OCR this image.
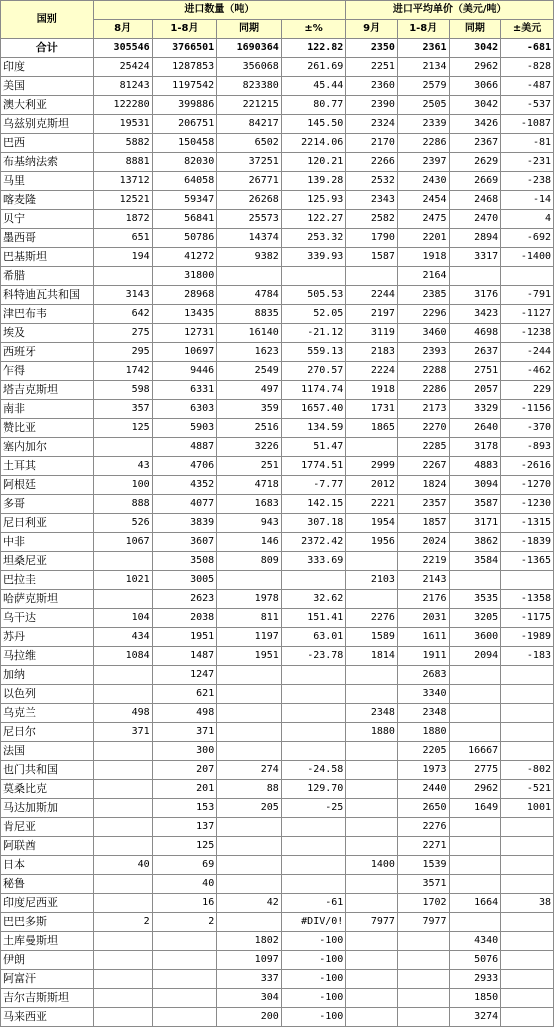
国别	进口数量（吨）				进口平均单价（美元/吨）			
	8月	1-8月	同期	±%	9月	1-8月	同期	±美元
合计	305546	3766501	1690364	122.82	2350	2361	3042	-681
印度	25424	1287853	356068	261.69	2251	2134	2962	-828
美国	81243	1197542	823380	45.44	2360	2579	3066	-487
澳大利亚	122280	399886	221215	80.77	2390	2505	3042	-537
乌兹别克斯坦	19531	206751	84217	145.50	2324	2339	3426	-1087
巴西	5882	150458	6502	2214.06	2170	2286	2367	-81
布基纳法索	8881	82030	37251	120.21	2266	2397	2629	-231
马里	13712	64058	26771	139.28	2532	2430	2669	-238
喀麦隆	12521	59347	26268	125.93	2343	2454	2468	-14
贝宁	1872	56841	25573	122.27	2582	2475	2470	4
墨西哥	651	50786	14374	253.32	1790	2201	2894	-692
巴基斯坦	194	41272	9382	339.93	1587	1918	3317	-1400
希腊		31800				2164		
科特迪瓦共和国	3143	28968	4784	505.53	2244	2385	3176	-791
津巴布韦	642	13435	8835	52.05	2197	2296	3423	-1127
埃及	275	12731	16140	-21.12	3119	3460	4698	-1238
西班牙	295	10697	1623	559.13	2183	2393	2637	-244
乍得	1742	9446	2549	270.57	2224	2288	2751	-462
塔吉克斯坦	598	6331	497	1174.74	1918	2286	2057	229
南非	357	6303	359	1657.40	1731	2173	3329	-1156
赞比亚	125	5903	2516	134.59	1865	2270	2640	-370
塞内加尔		4887	3226	51.47		2285	3178	-893
土耳其	43	4706	251	1774.51	2999	2267	4883	-2616
阿根廷	100	4352	4718	-7.77	2012	1824	3094	-1270
多哥	888	4077	1683	142.15	2221	2357	3587	-1230
尼日利亚	526	3839	943	307.18	1954	1857	3171	-1315
中非	1067	3607	146	2372.42	1956	2024	3862	-1839
坦桑尼亚		3508	809	333.69		2219	3584	-1365
巴拉圭	1021	3005			2103	2143		
哈萨克斯坦		2623	1978	32.62		2176	3535	-1358
乌干达	104	2038	811	151.41	2276	2031	3205	-1175
苏丹	434	1951	1197	63.01	1589	1611	3600	-1989
马拉维	1084	1487	1951	-23.78	1814	1911	2094	-183
加纳		1247				2683		
以色列		621				3340		
乌克兰	498	498			2348	2348		
尼日尔	371	371			1880	1880		
法国		300				2205	16667	
也门共和国		207	274	-24.58		1973	2775	-802
莫桑比克		201	88	129.70		2440	2962	-521
马达加斯加		153	205	-25		2650	1649	1001
肯尼亚		137				2276		
阿联酋		125				2271		
日本	40	69			1400	1539		
秘鲁		40				3571		
印度尼西亚		16	42	-61		1702	1664	38
巴巴多斯	2	2		#DIV/0!	7977	7977		
土库曼斯坦			1802	-100			4340	
伊朗			1097	-100			5076	
阿富汗			337	-100			2933	
吉尔吉斯斯坦			304	-100			1850	
马来西亚			200	-100			3274	
